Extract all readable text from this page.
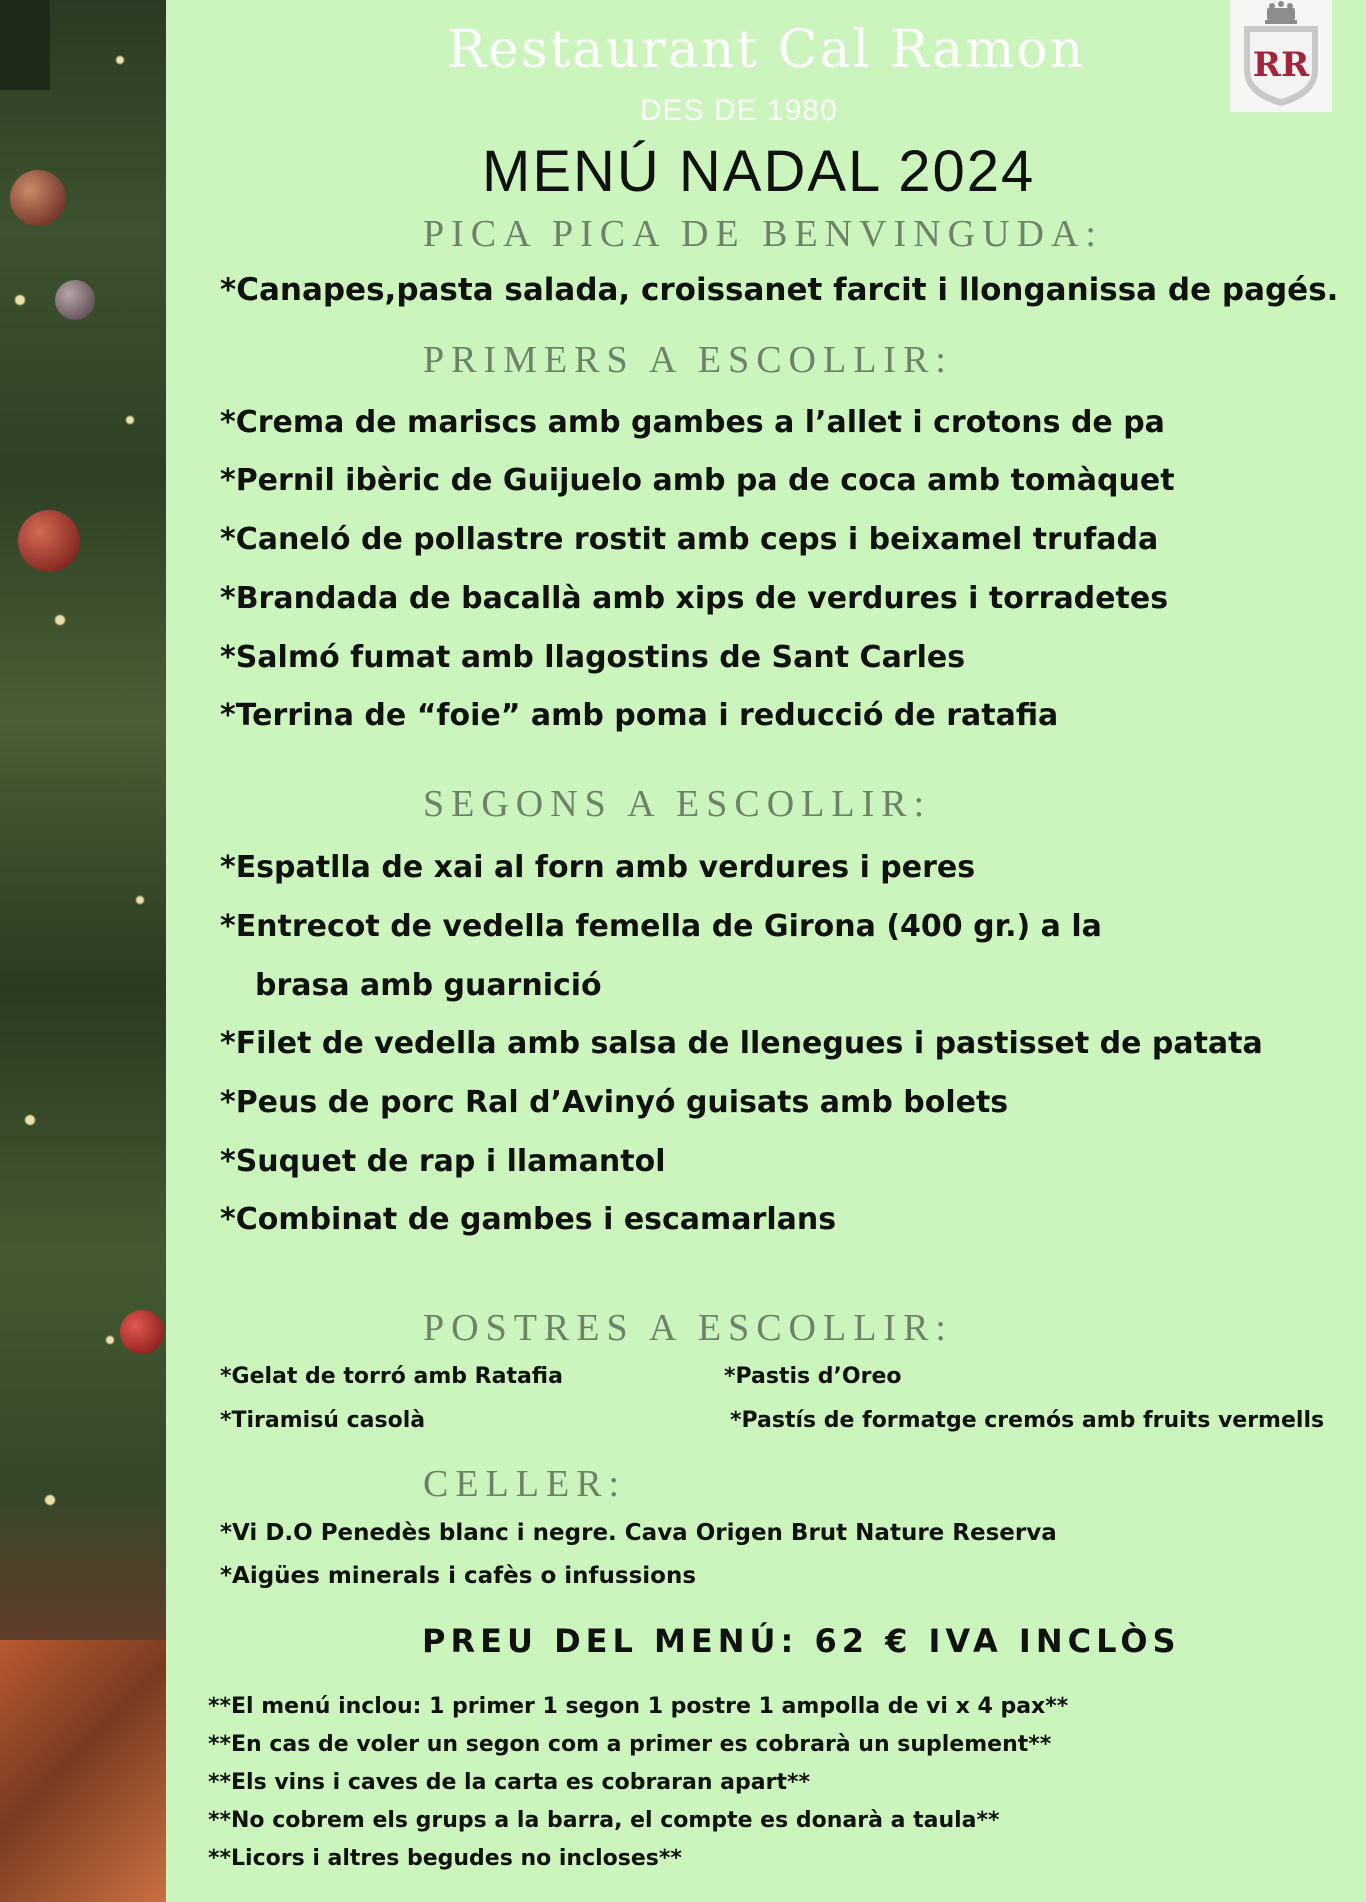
RR
Restaurant Cal Ramon
DES DE 1980
MENÚ NADAL 2024
PICA PICA DE BENVINGUDA:
*Canapes,pasta salada, croissanet farcit i llonganissa de pagés.
PRIMERS A ESCOLLIR:
*Crema de mariscs amb gambes a l’allet i crotons de pa
*Pernil ibèric de Guijuelo amb pa de coca amb tomàquet
*Caneló de pollastre rostit amb ceps i beixamel trufada
*Brandada de bacallà amb xips de verdures i torradetes
*Salmó fumat amb llagostins de Sant Carles
*Terrina de “foie” amb poma i reducció de ratafia
SEGONS A ESCOLLIR:
*Espatlla de xai al forn amb verdures i peres
*Entrecot de vedella femella de Girona (400 gr.) a la
brasa amb guarnició
*Filet de vedella amb salsa de llenegues i pastisset de patata
*Peus de porc Ral d’Avinyó guisats amb bolets
*Suquet de rap i llamantol
*Combinat de gambes i escamarlans
POSTRES A ESCOLLIR:
*Gelat de torró amb Ratafia	*Pastis d’Oreo
*Tiramisú casolà	*Pastís de formatge cremós amb fruits vermells
CELLER:
*Vi D.O Penedès blanc i negre. Cava Origen Brut Nature Reserva
*Aigües minerals i cafès o infussions
PREU DEL MENÚ: 62 € IVA INCLÒS
**El menú inclou: 1 primer 1 segon 1 postre 1 ampolla de vi x 4 pax**
**En cas de voler un segon com a primer es cobrarà un suplement**
**Els vins i caves de la carta es cobraran apart**
**No cobrem els grups a la barra, el compte es donarà a taula**
**Licors i altres begudes no incloses**
